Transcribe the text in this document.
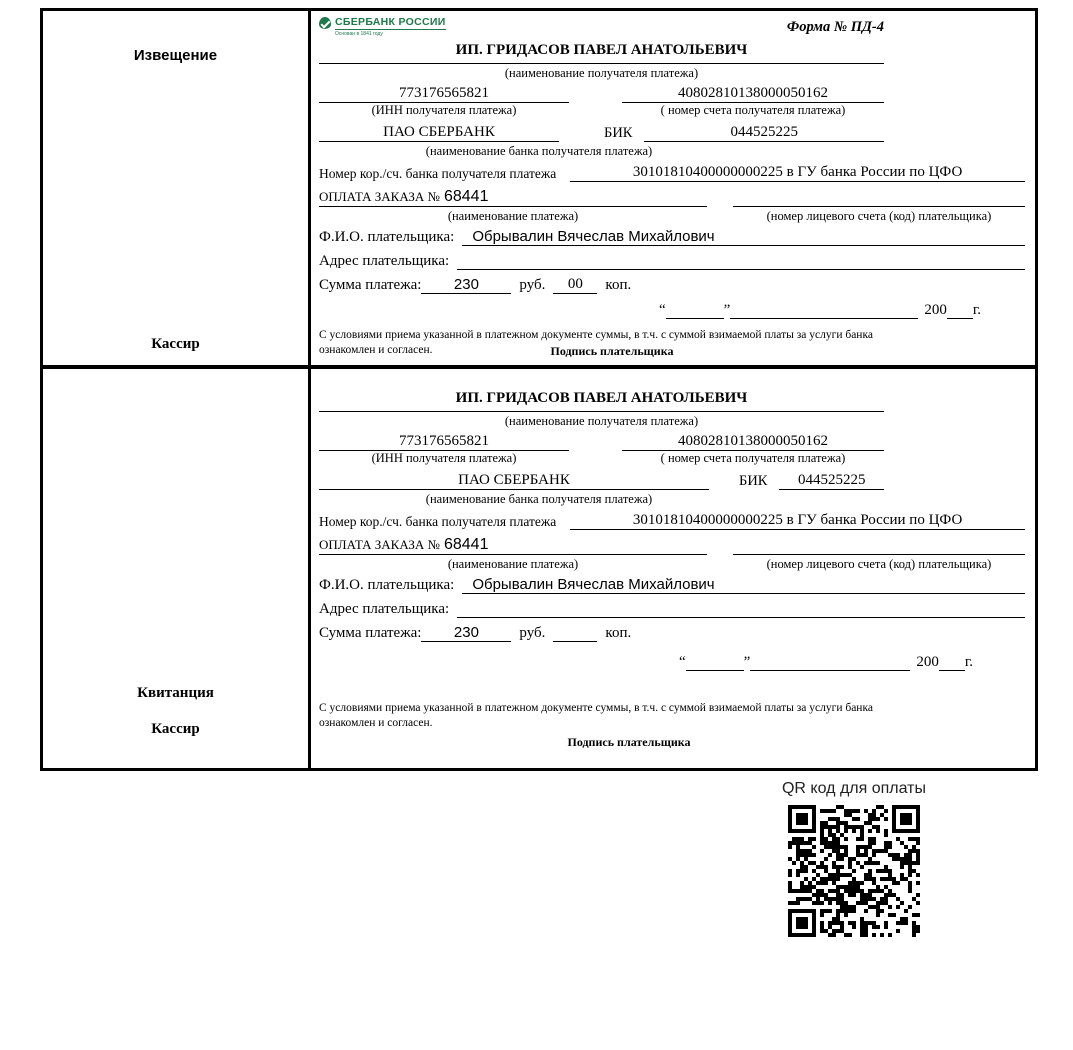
Извещение
Кассир
СБЕРБАНК РОССИИ
Основан в 1841 году	Форма № ПД-4
ИП. ГРИДАСОВ ПАВЕЛ АНАТОЛЬЕВИЧ
(наименование получателя платежа)
773176565821	40802810138000050162
(ИНН получателя платежа)	( номер счета получателя платежа)
ПАО СБЕРБАНК	БИК	044525225
(наименование банка получателя платежа)
Номер кор./сч. банка получателя платежа	30101810400000000225 в ГУ банка России по ЦФО
ОПЛАТА ЗАКАЗА № 68441
(наименование платежа)	(номер лицевого счета (код) плательщика)
Ф.И.О. плательщика:	Обрывалин Вячеслав Михайлович
Адрес плательщика:
Сумма платежа:	230	руб.	00	коп.
“	”	200 г.
С условиями приема указанной в платежном документе суммы, в т.ч. с суммой взимаемой платы за услуги банка
ознакомлен и согласен.	Подпись плательщика
Квитанция
Кассир
ИП. ГРИДАСОВ ПАВЕЛ АНАТОЛЬЕВИЧ
(наименование получателя платежа)
773176565821	40802810138000050162
(ИНН получателя платежа)	( номер счета получателя платежа)
ПАО СБЕРБАНК	БИК	044525225
(наименование банка получателя платежа)
Номер кор./сч. банка получателя платежа	30101810400000000225 в ГУ банка России по ЦФО
ОПЛАТА ЗАКАЗА № 68441
(наименование платежа)	(номер лицевого счета (код) плательщика)
Ф.И.О. плательщика:	Обрывалин Вячеслав Михайлович
Адрес плательщика:
Сумма платежа:	230	руб.	коп.
“	”	200 г.
С условиями приема указанной в платежном документе суммы, в т.ч. с суммой взимаемой платы за услуги банка
ознакомлен и согласен.
Подпись плательщика
QR код для оплаты
